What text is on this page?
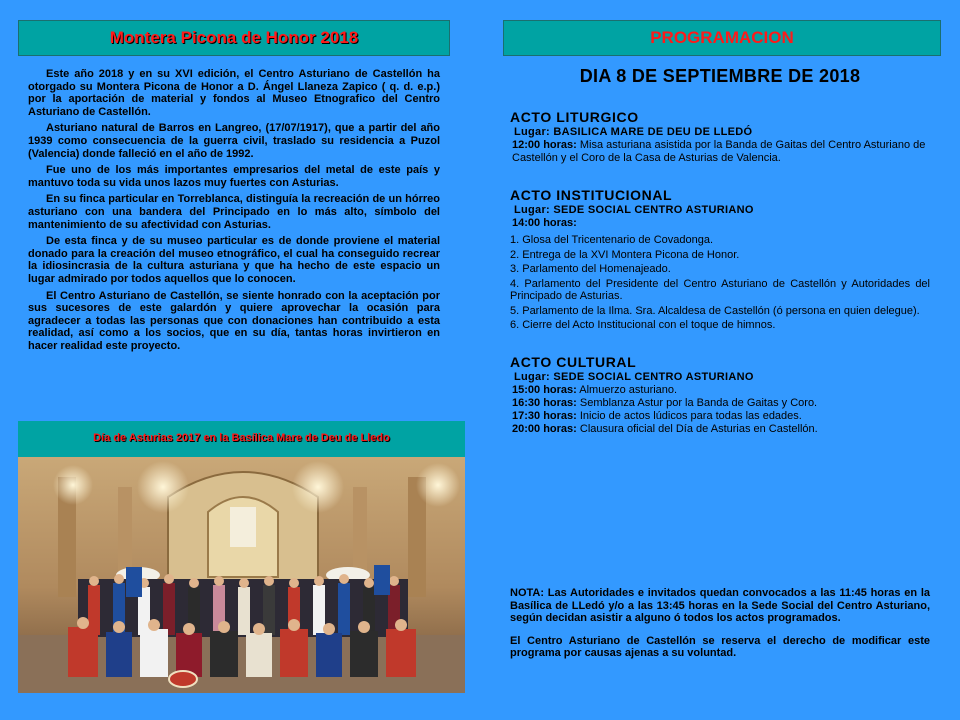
Montera Picona de Honor 2018

Este año 2018 y en su XVI edición, el Centro Asturiano de Castellón ha otorgado su Montera Picona de Honor a D. Ángel Llaneza Zapico ( q. d. e.p.) por la aportación de material y fondos al Museo Etnografico del Centro Asturiano de Castellón.

Asturiano natural de Barros en Langreo, (17/07/1917), que a partir del año 1939 como consecuencia de la guerra civil, traslado su residencia a Puzol (Valencia) donde falleció en el año de 1992.

Fue uno de los más importantes empresarios del metal de este país y mantuvo toda su vida unos lazos muy fuertes con Asturias.

En su finca particular en Torreblanca, distinguía la recreación de un hórreo asturiano con una bandera del Principado en lo más alto, símbolo del mantenimiento de su afectividad con Asturias.

De esta finca y de su museo particular es de donde proviene el material donado para la creación del museo etnográfico, el cual ha conseguido recrear la idiosincrasia de la cultura asturiana y que ha hecho de este espacio un lugar admirado por todos aquellos que lo conocen.

El Centro Asturiano de Castellón, se siente honrado con la aceptación por sus sucesores de este galardón y quiere aprovechar la ocasión para agradecer a todas las personas que con donaciones han contribuido a esta realidad, así como a los socios, que en su día, tantas horas invirtieron en hacer realidad este proyecto.

Día de Asturias 2017 en la Basílica Mare de Deu de Lledo
PROGRAMACION
DIA 8 DE SEPTIEMBRE DE 2018

ACTO LITURGICO

Lugar: BASILICA MARE DE DEU DE LLEDÓ

12:00 horas: Misa asturiana asistida por la Banda de Gaitas del Centro Asturiano de Castellón y el Coro de la Casa de Asturias de Valencia.

ACTO INSTITUCIONAL

Lugar: SEDE SOCIAL CENTRO ASTURIANO

14:00 horas:

1. Glosa del Tricentenario de Covadonga.

2. Entrega de la XVI Montera Picona de Honor.

3. Parlamento del Homenajeado.

4. Parlamento del Presidente del Centro Asturiano de Castellón y Autoridades del Principado de Asturias.

5. Parlamento de la Ilma. Sra. Alcaldesa de Castellón (ó persona en quien delegue).

6. Cierre del Acto Institucional con el toque de himnos.

ACTO CULTURAL

Lugar: SEDE SOCIAL CENTRO ASTURIANO

15:00 horas: Almuerzo asturiano.

16:30 horas: Semblanza Astur por la Banda de Gaitas y Coro.

17:30 horas: Inicio de actos lúdicos para todas las edades.

20:00 horas: Clausura oficial del Día de Asturias en Castellón.

NOTA: Las Autoridades e invitados quedan convocados a las 11:45 horas en la Basílica de LLedó y/o a las 13:45 horas en la Sede Social del Centro Asturiano, según decidan asistir a alguno ó todos los actos programados.

El Centro Asturiano de Castellón se reserva el derecho de modificar este programa por causas ajenas a su voluntad.
